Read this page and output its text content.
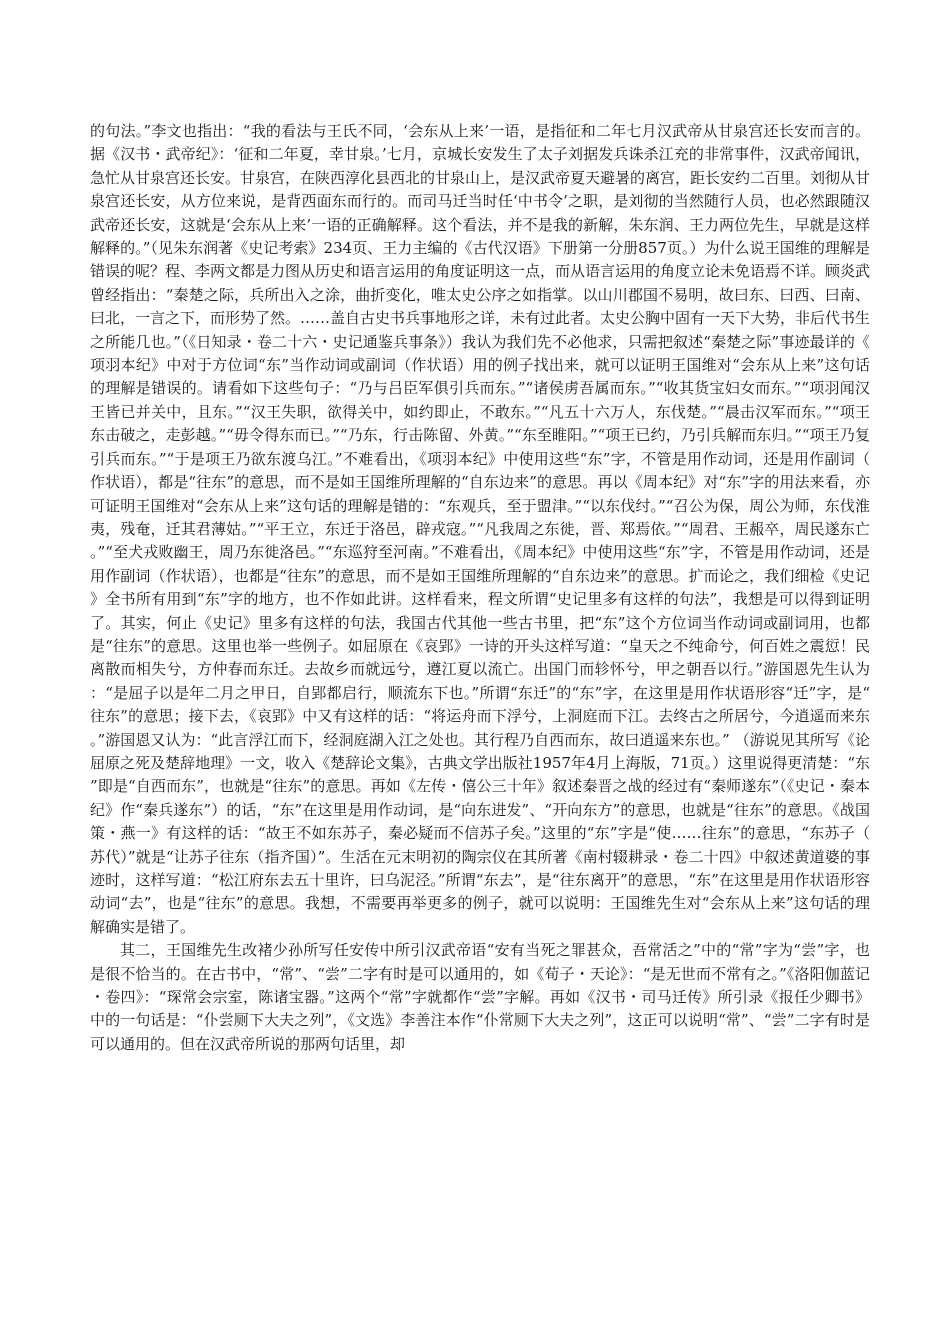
的句法。”李文也指出：“我的看法与王氏不同，‘会东从上来’一语，是指征和二年七月汉武帝从甘泉宫还长安而言的。据《汉书・武帝纪》：‘征和二年夏，幸甘泉。’七月，京城长安发生了太子刘据发兵诛杀江充的非常事件，汉武帝闻讯，急忙从甘泉宫还长安。甘泉宫，在陕西淳化县西北的甘泉山上，是汉武帝夏天避暑的离宫，距长安约二百里。刘彻从甘泉宫还长安，从方位来说，是背西面东而行的。而司马迁当时任‘中书令’之职，是刘彻的当然随行人员，也必然跟随汉武帝还长安，这就是‘会东从上来’一语的正确解释。这个看法，并不是我的新解，朱东润、王力两位先生，早就是这样解释的。”（见朱东润著《史记考索》234页、王力主编的《古代汉语》下册第一分册857页。）为什么说王国维的理解是错误的呢？程、李两文都是力图从历史和语言运用的角度证明这一点，而从语言运用的角度立论未免语焉不详。顾炎武曾经指出：“秦楚之际，兵所出入之涂，曲折变化，唯太史公序之如指掌。以山川郡国不易明，故曰东、曰西、曰南、曰北，一言之下，而形势了然。……盖自古史书兵事地形之详，未有过此者。太史公胸中固有一天下大势，非后代书生之所能几也。”（《日知录・卷二十六・史记通鉴兵事条》）我认为我们先不必他求，只需把叙述“秦楚之际”事迹最详的《项羽本纪》中对于方位词“东”当作动词或副词（作状语）用的例子找出来，就可以证明王国维对“会东从上来”这句话的理解是错误的。请看如下这些句子：“乃与吕臣军俱引兵而东。”“诸侯虏吾属而东。”“收其货宝妇女而东。”“项羽闻汉王皆已并关中，且东。”“汉王失职，欲得关中，如约即止，不敢东。”“凡五十六万人，东伐楚。”“晨击汉军而东。”“项王东击破之，走彭越。”“毋令得东而已。”“乃东，行击陈留、外黄。”“东至睢阳。”“项王已约，乃引兵解而东归。”“项王乃复引兵而东。”“于是项王乃欲东渡乌江。”不难看出，《项羽本纪》中使用这些“东”字，不管是用作动词，还是用作副词（作状语），都是“往东”的意思，而不是如王国维所理解的“自东边来”的意思。再以《周本纪》对“东”字的用法来看，亦可证明王国维对“会东从上来”这句话的理解是错的：“东观兵，至于盟津。”“以东伐纣。”“召公为保，周公为师，东伐淮夷，残奄，迁其君薄姑。”“平王立，东迁于洛邑，辟戎寇。”“凡我周之东徙，晋、郑焉依。”“周君、王赧卒，周民遂东亡。”“至犬戎败幽王，周乃东徙洛邑。”“东巡狩至河南。”不难看出，《周本纪》中使用这些“东”字，不管是用作动词，还是用作副词（作状语），也都是“往东”的意思，而不是如王国维所理解的“自东边来”的意思。扩而论之，我们细检《史记》全书所有用到“东”字的地方，也不作如此讲。这样看来，程文所谓“史记里多有这样的句法”，我想是可以得到证明了。其实，何止《史记》里多有这样的句法，我国古代其他一些古书里，把“东”这个方位词当作动词或副词用，也都是“往东”的意思。这里也举一些例子。如屈原在《哀郢》一诗的开头这样写道：“皇天之不纯命兮，何百姓之震愆！民离散而相失兮，方仲春而东迁。去故乡而就远兮，遵江夏以流亡。出国门而轸怀兮，甲之朝吾以行。”游国恩先生认为：“是屈子以是年二月之甲日，自郢都启行，顺流东下也。”所谓“东迁”的“东”字，在这里是用作状语形容“迁”字，是“往东”的意思；接下去，《哀郢》中又有这样的话：“将运舟而下浮兮，上洞庭而下江。去终古之所居兮，今逍遥而来东。”游国恩又认为：“此言浮江而下，经洞庭湖入江之处也。其行程乃自西而东，故曰逍遥来东也。” （游说见其所写《论屈原之死及楚辞地理》一文，收入《楚辞论文集》，古典文学出版社1957年4月上海版，71页。）这里说得更清楚：“东”即是“自西而东”，也就是“往东”的意思。再如《左传・僖公三十年》叙述秦晋之战的经过有“秦师遂东”（《史记・秦本纪》作“秦兵遂东”）的话，“东”在这里是用作动词，是“向东进发”、“开向东方”的意思，也就是“往东”的意思。《战国策・燕一》有这样的话：“故王不如东苏子，秦必疑而不信苏子矣。”这里的“东”字是“使……往东”的意思，“东苏子（苏代）”就是“让苏子往东（指齐国）”。生活在元末明初的陶宗仪在其所著《南村辍耕录・卷二十四》中叙述黄道婆的事迹时，这样写道：“松江府东去五十里许，曰乌泥泾。”所谓“东去”，是“往东离开”的意思，“东”在这里是用作状语形容动词“去”，也是“往东”的意思。我想，不需要再举更多的例子，就可以说明：王国维先生对“会东从上来”这句话的理解确实是错了。

其二，王国维先生改褚少孙所写任安传中所引汉武帝语“安有当死之罪甚众，吾常活之”中的“常”字为“尝”字，也是很不恰当的。在古书中，“常”、“尝”二字有时是可以通用的，如《荀子・天论》：“是无世而不常有之。”《洛阳伽蓝记・卷四》：“琛常会宗室，陈诸宝器。”这两个“常”字就都作“尝”字解。再如《汉书・司马迁传》所引录《报任少卿书》中的一句话是：“仆尝厕下大夫之列”，《文选》李善注本作“仆常厕下大夫之列”，这正可以说明“常”、“尝”二字有时是可以通用的。但在汉武帝所说的那两句话里，却
